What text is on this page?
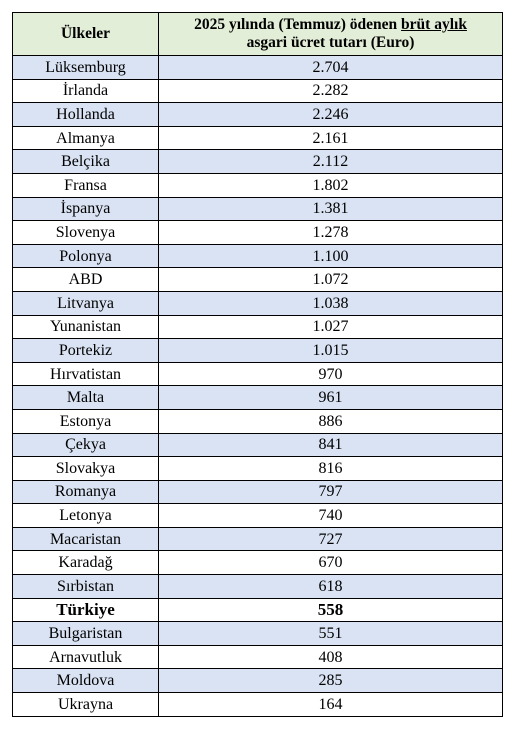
Ülkeler	2025 yılında (Temmuz) ödenen brüt aylık
asgari ücret tutarı (Euro)
Lüksemburg	2.704
İrlanda	2.282
Hollanda	2.246
Almanya	2.161
Belçika	2.112
Fransa	1.802
İspanya	1.381
Slovenya	1.278
Polonya	1.100
ABD	1.072
Litvanya	1.038
Yunanistan	1.027
Portekiz	1.015
Hırvatistan	970
Malta	961
Estonya	886
Çekya	841
Slovakya	816
Romanya	797
Letonya	740
Macaristan	727
Karadağ	670
Sırbistan	618
Türkiye	558
Bulgaristan	551
Arnavutluk	408
Moldova	285
Ukrayna	164
